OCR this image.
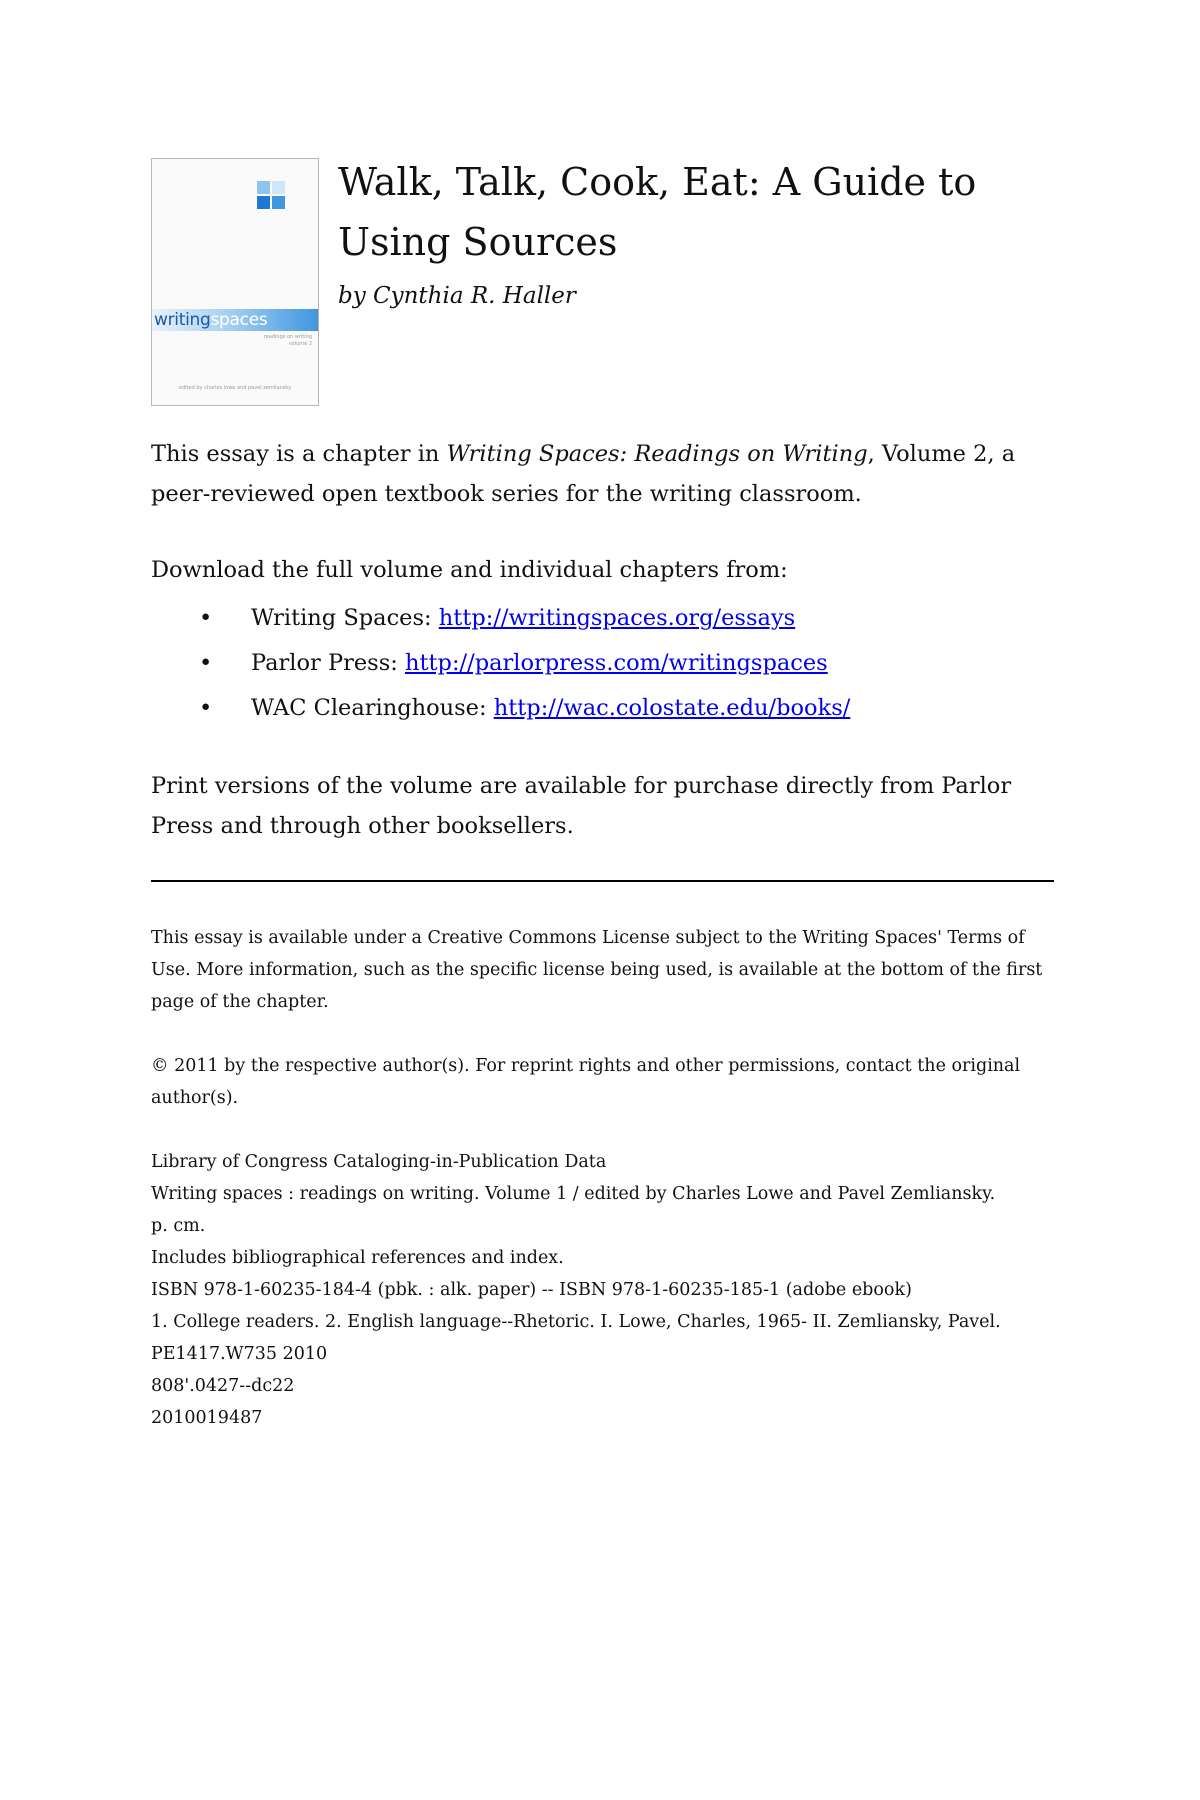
writingspaces
readings on writing
volume 2
edited by charles lowe and pavel zemliansky
Walk, Talk, Cook, Eat: A Guide to Using Sources

by Cynthia R. Haller

This essay is a chapter in Writing Spaces: Readings on Writing, Volume 2, a peer-reviewed open textbook series for the writing classroom.

Download the full volume and individual chapters from:

• Writing Spaces: http://writingspaces.org/essays
• Parlor Press: http://parlorpress.com/writingspaces
• WAC Clearinghouse: http://wac.colostate.edu/books/

Print versions of the volume are available for purchase directly from Parlor Press and through other booksellers.

This essay is available under a Creative Commons License subject to the Writing Spaces' Terms of Use. More information, such as the specific license being used, is available at the bottom of the first page of the chapter.

© 2011 by the respective author(s). For reprint rights and other permissions, contact the original author(s).

Library of Congress Cataloging-in-Publication Data
Writing spaces : readings on writing. Volume 1 / edited by Charles Lowe and Pavel Zemliansky.
p. cm.
Includes bibliographical references and index.
ISBN 978-1-60235-184-4 (pbk. : alk. paper) -- ISBN 978-1-60235-185-1 (adobe ebook)
1. College readers. 2. English language--Rhetoric. I. Lowe, Charles, 1965- II. Zemliansky, Pavel.
PE1417.W735 2010
808'.0427--dc22
2010019487
